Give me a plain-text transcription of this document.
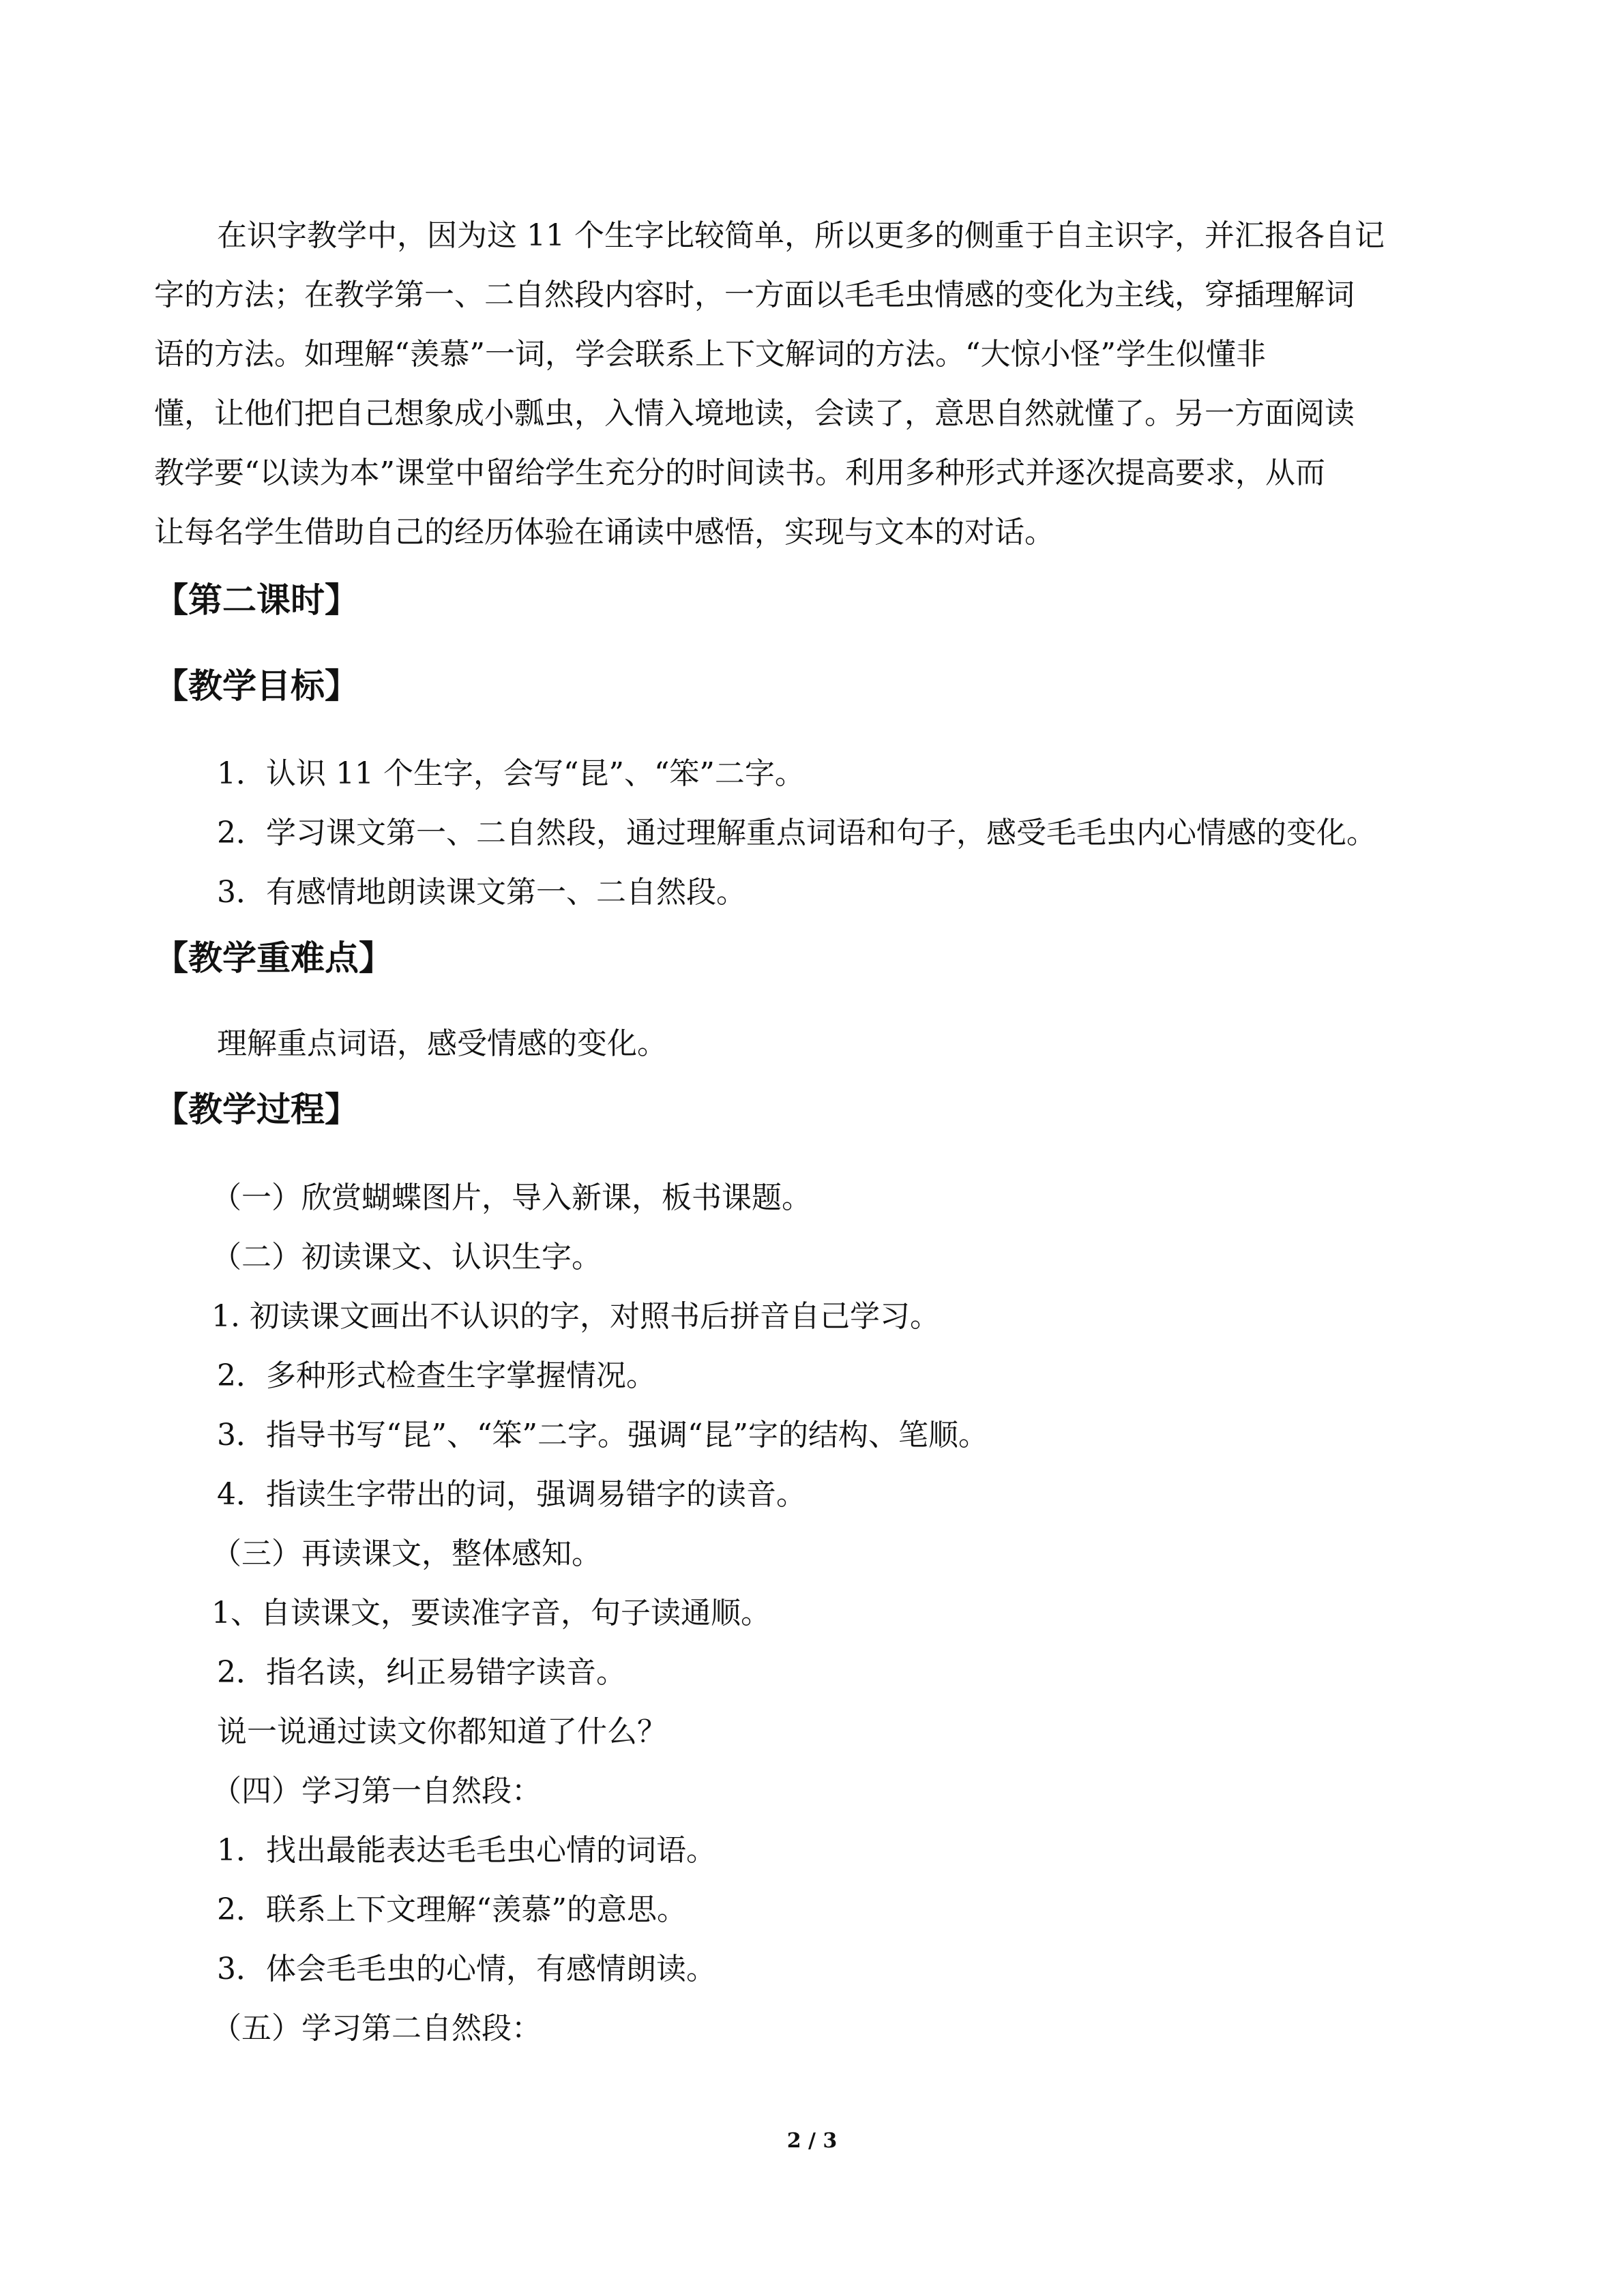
在识字教学中，因为这 11 个生字比较简单，所以更多的侧重于自主识字，并汇报各自记
字的方法；在教学第一、二自然段内容时，一方面以毛毛虫情感的变化为主线，穿插理解词
语的方法。如理解“羡慕”一词，学会联系上下文解词的方法。“大惊小怪”学生似懂非
懂，让他们把自己想象成小瓢虫，入情入境地读，会读了，意思自然就懂了。另一方面阅读
教学要“以读为本”课堂中留给学生充分的时间读书。利用多种形式并逐次提高要求，从而
让每名学生借助自己的经历体验在诵读中感悟，实现与文本的对话。
【第二课时】
【教学目标】
1．认识 11 个生字，会写“昆”、“笨”二字。
2．学习课文第一、二自然段，通过理解重点词语和句子，感受毛毛虫内心情感的变化。
3．有感情地朗读课文第一、二自然段。
【教学重难点】
理解重点词语，感受情感的变化。
【教学过程】
（一）欣赏蝴蝶图片，导入新课，板书课题。
（二）初读课文、认识生字。
1. 初读课文画出不认识的字，对照书后拼音自己学习。
2．多种形式检查生字掌握情况。
3．指导书写“昆”、“笨”二字。强调“昆”字的结构、笔顺。
4．指读生字带出的词，强调易错字的读音。
（三）再读课文，整体感知。
1、自读课文，要读准字音，句子读通顺。
2．指名读，纠正易错字读音。
说一说通过读文你都知道了什么？
（四）学习第一自然段：
1．找出最能表达毛毛虫心情的词语。
2．联系上下文理解“羡慕”的意思。
3．体会毛毛虫的心情，有感情朗读。
（五）学习第二自然段：
2 / 3
